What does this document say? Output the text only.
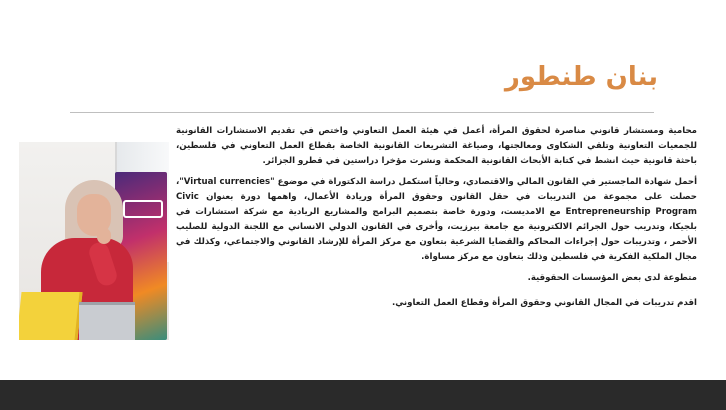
بنان طنطور

محامية ومستشار قانوني مناصرة لحقوق المرأة، أعمل في هيئة العمل التعاوني واختص في تقديم الاستشارات القانونية للجمعيات التعاونية وتلقي الشكاوى ومعالجتها، وصياغة التشريعات القانونية الخاصة بقطاع العمل التعاوني في فلسطين، باحثة قانونية حيث انشط في كتابة الأبحاث القانونية المحكمة ونشرت مؤخرا دراستين في قطرو الجزائر.

أحمل شهادة الماجستير في القانون المالي والاقتصادي، وحالياً استكمل دراسة الدكتوراة في موضوع "Virtual currencies"، حصلت على مجموعة من التدريبات في حقل القانون وحقوق المرأة وريادة الأعمال، واهمها دورة بعنوان Civic Entrepreneurship Program مع الامديست، ودورة خاصة بتصميم البرامج والمشاريع الريادية مع شركة استشارات في بلجيكا، وتدريب حول الجرائم الالكترونية مع جامعة بيرزيت، وأخرى في القانون الدولي الانساني مع اللجنة الدولية للصليب الأحمر ، وتدريبات حول إجراءات المحاكم والقضايا الشرعية بتعاون مع مركز المرأة للإرشاد القانوني والاجتماعي، وكذلك في مجال الملكية الفكرية في فلسطين وذلك بتعاون مع مركز مساواة.

متطوعة لدى بعض المؤسسات الحقوقية.

اقدم تدريبات في المجال القانوني وحقوق المرأة وقطاع العمل التعاوني.
